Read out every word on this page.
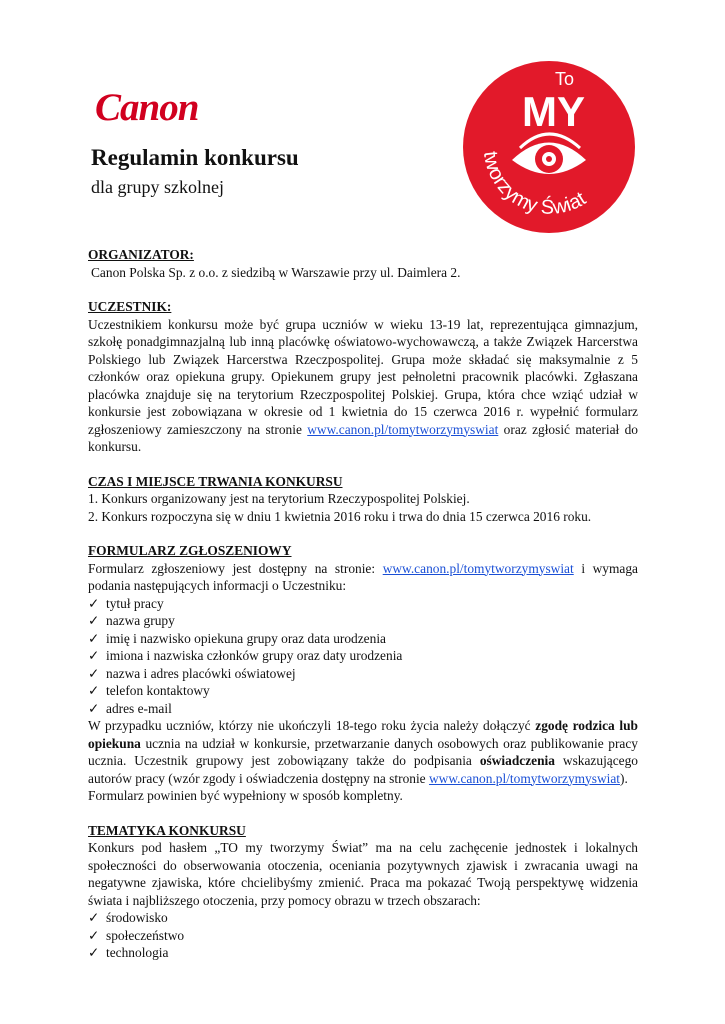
Canon
To
MY
tworzymy Świat
Regulamin konkursu
dla grupy szkolnej
ORGANIZATOR:
Canon Polska Sp. z o.o. z siedzibą w Warszawie przy ul. Daimlera 2.
UCZESTNIK:
Uczestnikiem konkursu może być grupa uczniów w wieku 13-19 lat, reprezentująca gimnazjum, szkołę ponadgimnazjalną lub inną placówkę oświatowo-wychowawczą, a także Związek Harcerstwa Polskiego lub Związek Harcerstwa Rzeczpospolitej. Grupa może składać się maksymalnie z 5 członków oraz opiekuna grupy. Opiekunem grupy jest pełnoletni pracownik placówki. Zgłaszana placówka znajduje się na terytorium Rzeczpospolitej Polskiej. Grupa, która chce wziąć udział w konkursie jest zobowiązana w okresie od 1 kwietnia do 15 czerwca 2016 r. wypełnić formularz zgłoszeniowy zamieszczony na stronie www.canon.pl/tomytworzymyswiat oraz zgłosić materiał do konkursu.
CZAS I MIEJSCE TRWANIA KONKURSU
1. Konkurs organizowany jest na terytorium Rzeczypospolitej Polskiej.
2. Konkurs rozpoczyna się w dniu 1 kwietnia 2016 roku i trwa do dnia 15 czerwca 2016 roku.
FORMULARZ ZGŁOSZENIOWY
Formularz zgłoszeniowy jest dostępny na stronie: www.canon.pl/tomytworzymyswiat i wymaga podania następujących informacji o Uczestniku:
✓ tytuł pracy
✓ nazwa grupy
✓ imię i nazwisko opiekuna grupy oraz data urodzenia
✓ imiona i nazwiska członków grupy oraz daty urodzenia
✓ nazwa i adres placówki oświatowej
✓ telefon kontaktowy
✓ adres e-mail
W przypadku uczniów, którzy nie ukończyli 18-tego roku życia należy dołączyć zgodę rodzica lub opiekuna ucznia na udział w konkursie, przetwarzanie danych osobowych oraz publikowanie pracy ucznia. Uczestnik grupowy jest zobowiązany także do podpisania oświadczenia wskazującego autorów pracy (wzór zgody i oświadczenia dostępny na stronie www.canon.pl/tomytworzymyswiat).
Formularz powinien być wypełniony w sposób kompletny.
TEMATYKA KONKURSU
Konkurs pod hasłem „TO my tworzymy Świat” ma na celu zachęcenie jednostek i lokalnych społeczności do obserwowania otoczenia, oceniania pozytywnych zjawisk i zwracania uwagi na negatywne zjawiska, które chcielibyśmy zmienić. Praca ma pokazać Twoją perspektywę widzenia świata i najbliższego otoczenia, przy pomocy obrazu w trzech obszarach:
✓ środowisko
✓ społeczeństwo
✓ technologia
